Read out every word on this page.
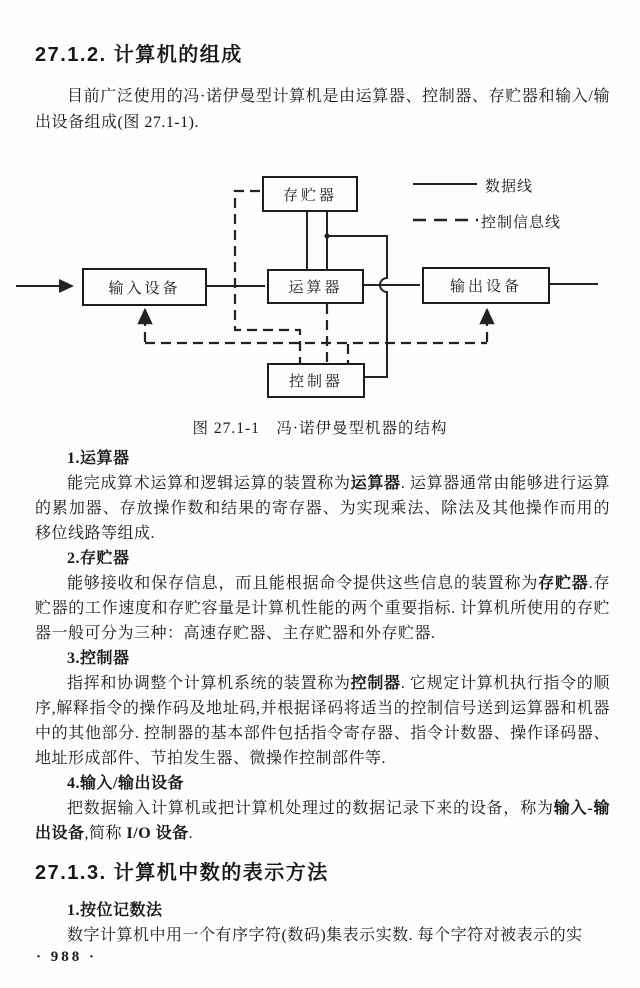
27.1.2. 计算机的组成

目前广泛使用的冯·诺伊曼型计算机是由运算器、控制器、存贮器和输入/输出设备组成(图 27.1-1).

存贮器
输入设备	运算器	输出设备
控制器
数据线
控制信息线
图 27.1-1　冯·诺伊曼型机器的结构

1.运算器

能完成算术运算和逻辑运算的装置称为运算器. 运算器通常由能够进行运算的累加器、存放操作数和结果的寄存器、为实现乘法、除法及其他操作而用的移位线路等组成.

2.存贮器

能够接收和保存信息，而且能根据命令提供这些信息的装置称为存贮器.存贮器的工作速度和存贮容量是计算机性能的两个重要指标. 计算机所使用的存贮器一般可分为三种：高速存贮器、主存贮器和外存贮器.

3.控制器

指挥和协调整个计算机系统的装置称为控制器. 它规定计算机执行指令的顺序,解释指令的操作码及地址码,并根据译码将适当的控制信号送到运算器和机器中的其他部分. 控制器的基本部件包括指令寄存器、指令计数器、操作译码器、地址形成部件、节拍发生器、微操作控制部件等.

4.输入/输出设备

把数据输入计算机或把计算机处理过的数据记录下来的设备，称为输入-输出设备,简称 I/O 设备.

27.1.3. 计算机中数的表示方法

1.按位记数法

数字计算机中用一个有序字符(数码)集表示实数. 每个字符对被表示的实

· 988 ·
